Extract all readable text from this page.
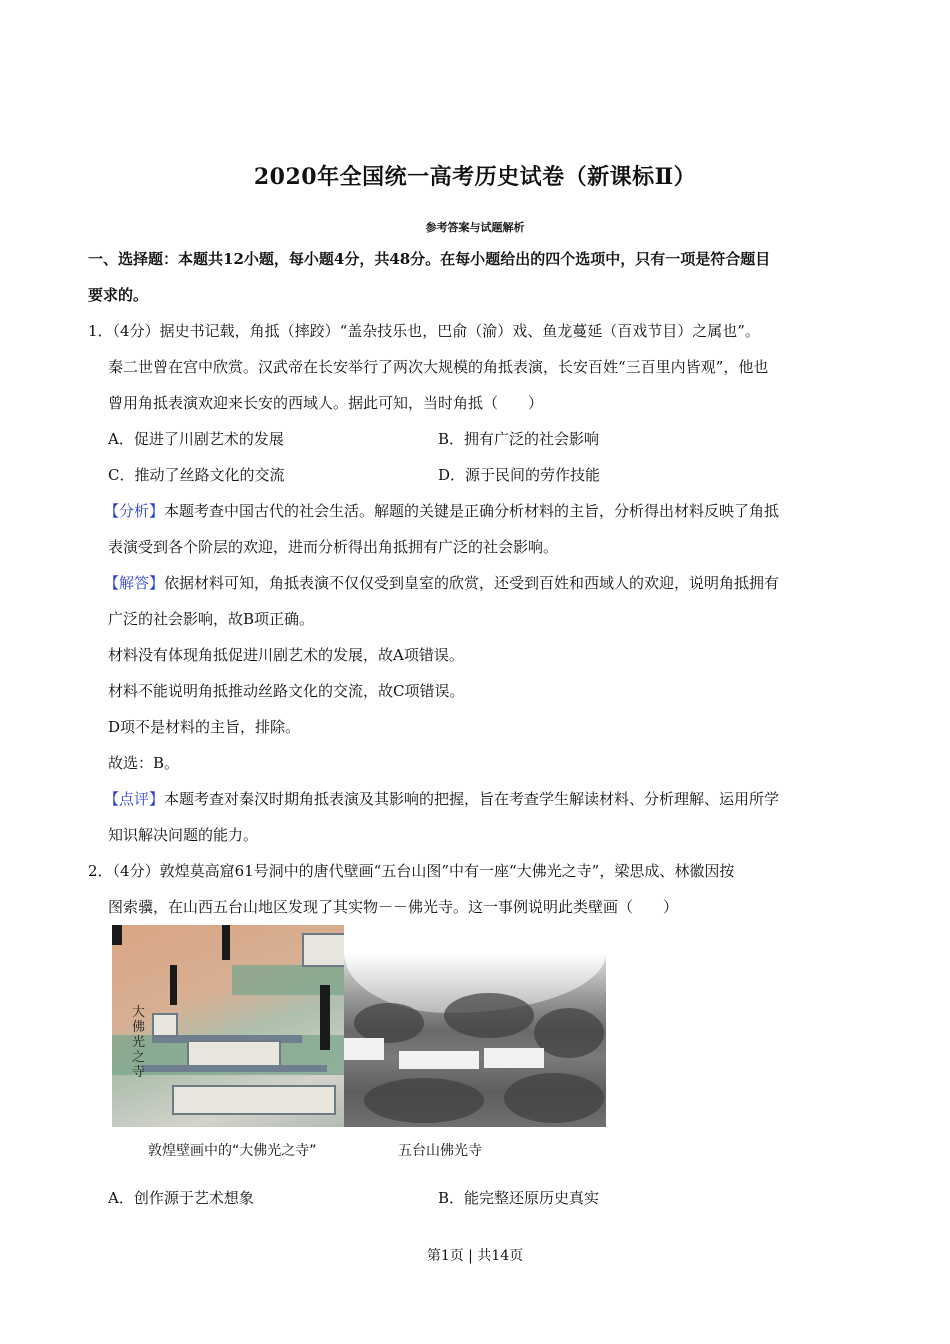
2020年全国统一高考历史试卷（新课标Ⅱ）
参考答案与试题解析
一、选择题：本题共12小题，每小题4分，共48分。在每小题给出的四个选项中，只有一项是符合题目
要求的。
1．（4分）据史书记载，角抵（摔跤）“盖杂技乐也，巴俞（渝）戏、鱼龙蔓延（百戏节目）之属也”。
秦二世曾在宫中欣赏。汉武帝在长安举行了两次大规模的角抵表演，长安百姓“三百里内皆观”，他也
曾用角抵表演欢迎来长安的西域人。据此可知，当时角抵（　　）
A．促进了川剧艺术的发展	B．拥有广泛的社会影响
C．推动了丝路文化的交流	D．源于民间的劳作技能
【分析】本题考查中国古代的社会生活。解题的关键是正确分析材料的主旨，分析得出材料反映了角抵
表演受到各个阶层的欢迎，进而分析得出角抵拥有广泛的社会影响。
【解答】依据材料可知，角抵表演不仅仅受到皇室的欣赏，还受到百姓和西域人的欢迎，说明角抵拥有
广泛的社会影响，故B项正确。
材料没有体现角抵促进川剧艺术的发展，故A项错误。
材料不能说明角抵推动丝路文化的交流，故C项错误。
D项不是材料的主旨，排除。
故选：B。
【点评】本题考查对秦汉时期角抵表演及其影响的把握，旨在考查学生解读材料、分析理解、运用所学
知识解决问题的能力。
2．（4分）敦煌莫高窟61号洞中的唐代壁画“五台山图”中有一座“大佛光之寺”，梁思成、林徽因按
图索骥，在山西五台山地区发现了其实物－－佛光寺。这一事例说明此类壁画（　　）
大佛光之寺
敦煌壁画中的“大佛光之寺”	五台山佛光寺
A．创作源于艺术想象	B．能完整还原历史真实
第1页 | 共14页
